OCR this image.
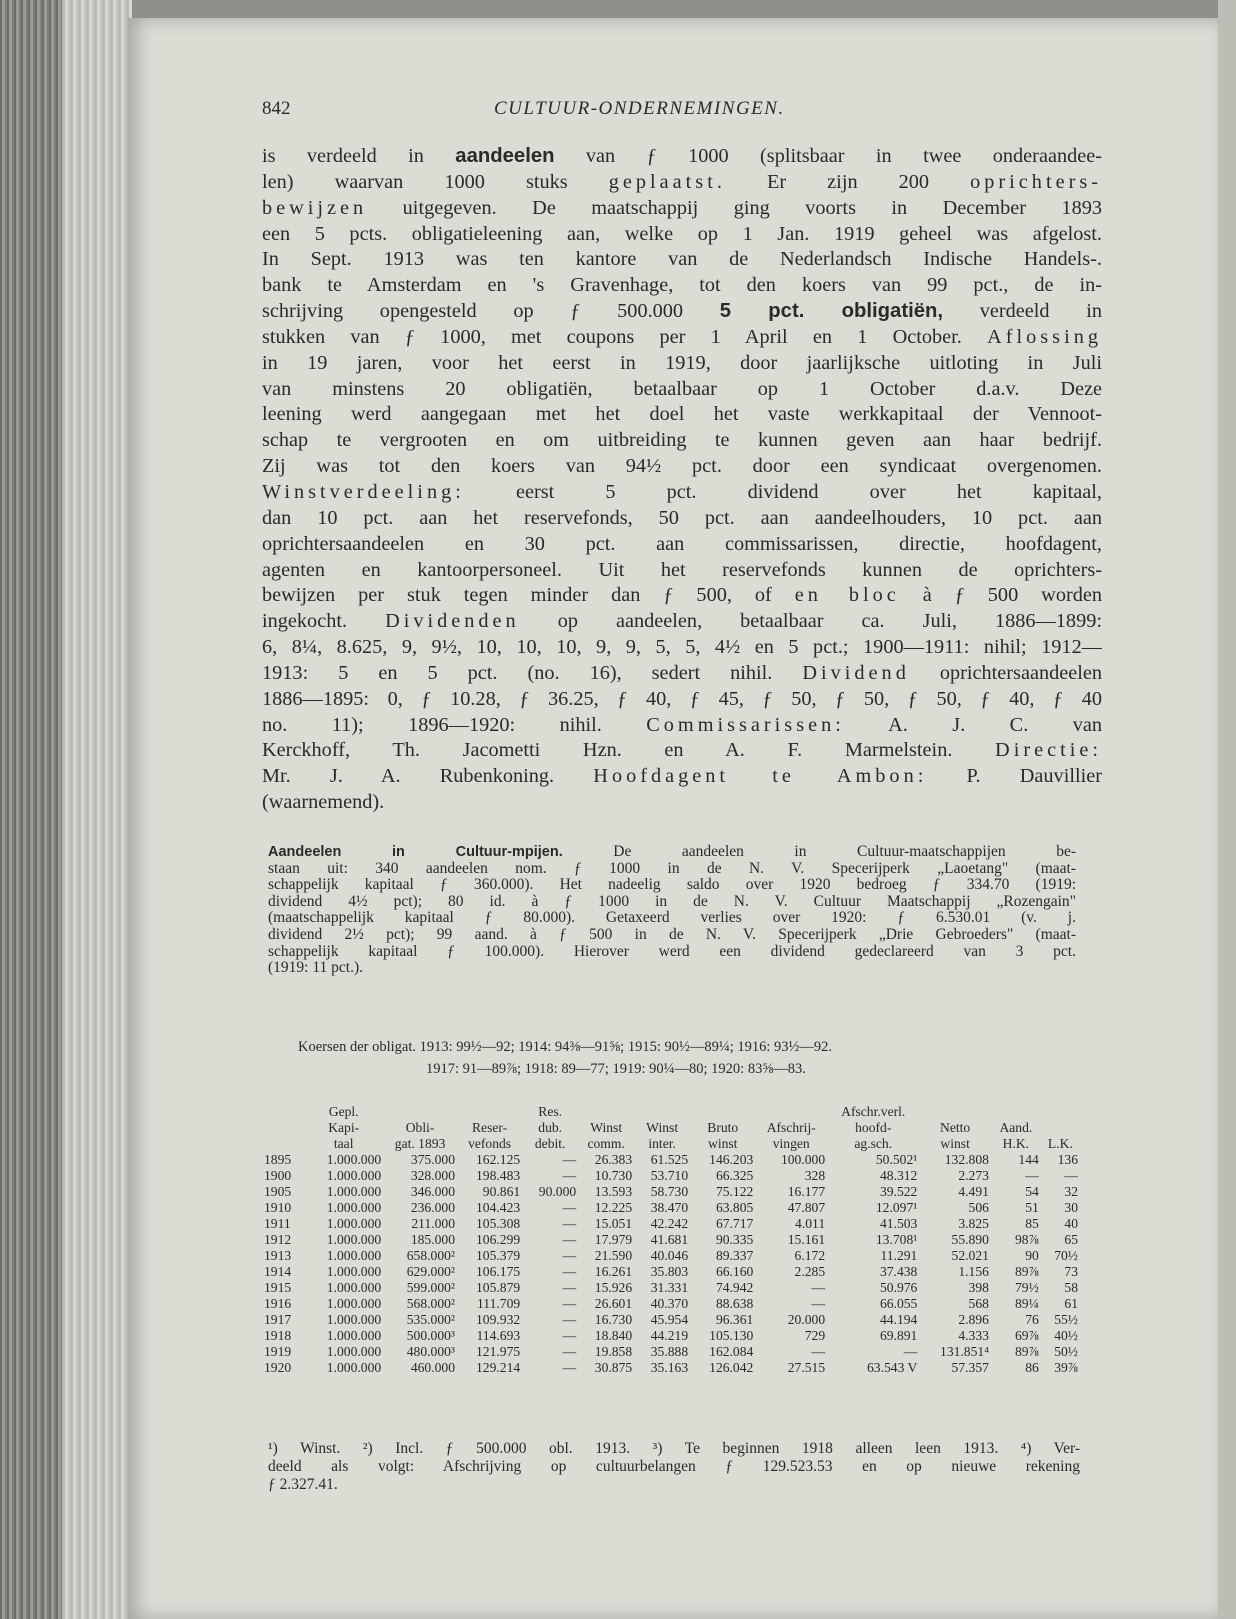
842	CULTUUR-ONDERNEMINGEN.
is verdeeld in aandeelen van ƒ 1000 (splitsbaar in twee onderaandee-
len) waarvan 1000 stuks geplaatst. Er zijn 200 oprichters-
bewijzen uitgegeven. De maatschappij ging voorts in December 1893
een 5 pcts. obligatieleening aan, welke op 1 Jan. 1919 geheel was afgelost.
In Sept. 1913 was ten kantore van de Nederlandsch Indische Handels-.
bank te Amsterdam en 's Gravenhage, tot den koers van 99 pct., de in-
schrijving opengesteld op ƒ 500.000 5 pct. obligatiën, verdeeld in
stukken van ƒ 1000, met coupons per 1 April en 1 October. Aflossing
in 19 jaren, voor het eerst in 1919, door jaarlijksche uitloting in Juli
van minstens 20 obligatiën, betaalbaar op 1 October d.a.v. Deze
leening werd aangegaan met het doel het vaste werkkapitaal der Vennoot-
schap te vergrooten en om uitbreiding te kunnen geven aan haar bedrijf.
Zij was tot den koers van 94½ pct. door een syndicaat overgenomen.
Winstverdeeling: eerst 5 pct. dividend over het kapitaal,
dan 10 pct. aan het reservefonds, 50 pct. aan aandeelhouders, 10 pct. aan
oprichtersaandeelen en 30 pct. aan commissarissen, directie, hoofdagent,
agenten en kantoorpersoneel. Uit het reservefonds kunnen de oprichters-
bewijzen per stuk tegen minder dan ƒ 500, of en bloc à ƒ 500 worden
ingekocht. Dividenden op aandeelen, betaalbaar ca. Juli, 1886—1899:
6, 8¼, 8.625, 9, 9½, 10, 10, 10, 9, 9, 5, 5, 4½ en 5 pct.; 1900—1911: nihil; 1912—
1913: 5 en 5 pct. (no. 16), sedert nihil. Dividend oprichtersaandeelen
1886—1895: 0, ƒ 10.28, ƒ 36.25, ƒ 40, ƒ 45, ƒ 50, ƒ 50, ƒ 50, ƒ 40, ƒ 40
no. 11); 1896—1920: nihil. Commissarissen: A. J. C. van
Kerckhoff, Th. Jacometti Hzn. en A. F. Marmelstein. Directie:
Mr. J. A. Rubenkoning. Hoofdagent te Ambon: P. Dauvillier
(waarnemend).
Aandeelen in Cultuur-mpijen. De aandeelen in Cultuur-maatschappijen be-
staan uit: 340 aandeelen nom. ƒ 1000 in de N. V. Specerijperk „Laoetang" (maat-
schappelijk kapitaal ƒ 360.000). Het nadeelig saldo over 1920 bedroeg ƒ 334.70 (1919:
dividend 4½ pct); 80 id. à ƒ 1000 in de N. V. Cultuur Maatschappij „Rozengain"
(maatschappelijk kapitaal ƒ 80.000). Getaxeerd verlies over 1920: ƒ 6.530.01 (v. j.
dividend 2½ pct); 99 aand. à ƒ 500 in de N. V. Specerijperk „Drie Gebroeders" (maat-
schappelijk kapitaal ƒ 100.000). Hierover werd een dividend gedeclareerd van 3 pct.
(1919: 11 pct.).
Koersen der obligat. 1913: 99½—92; 1914: 94⅜—91⅝; 1915: 90½—89¼; 1916: 93½—92.
1917: 91—89⅞; 1918: 89—77; 1919: 90¼—80; 1920: 83⅝—83.
	Gepl.			Res.					Afschr.verl.			
	Kapi-	Obli-	Reser-	dub.	Winst	Winst	Bruto	Afschrij-	hoofd-	Netto	Aand.	
	taal	gat. 1893	vefonds	debit.	comm.	inter.	winst	vingen	ag.sch.	winst	H.K.	L.K.
1895	1.000.000	375.000	162.125	—	26.383	61.525	146.203	100.000	50.502¹	132.808	144	136
1900	1.000.000	328.000	198.483	—	10.730	53.710	66.325	328	48.312	2.273	—	—
1905	1.000.000	346.000	90.861	90.000	13.593	58.730	75.122	16.177	39.522	4.491	54	32
1910	1.000.000	236.000	104.423	—	12.225	38.470	63.805	47.807	12.097¹	506	51	30
1911	1.000.000	211.000	105.308	—	15.051	42.242	67.717	4.011	41.503	3.825	85	40
1912	1.000.000	185.000	106.299	—	17.979	41.681	90.335	15.161	13.708¹	55.890	98⅞	65
1913	1.000.000	658.000²	105.379	—	21.590	40.046	89.337	6.172	11.291	52.021	90	70½
1914	1.000.000	629.000²	106.175	—	16.261	35.803	66.160	2.285	37.438	1.156	89⅞	73
1915	1.000.000	599.000²	105.879	—	15.926	31.331	74.942	—	50.976	398	79½	58
1916	1.000.000	568.000²	111.709	—	26.601	40.370	88.638	—	66.055	568	89¼	61
1917	1.000.000	535.000²	109.932	—	16.730	45.954	96.361	20.000	44.194	2.896	76	55½
1918	1.000.000	500.000³	114.693	—	18.840	44.219	105.130	729	69.891	4.333	69⅞	40½
1919	1.000.000	480.000³	121.975	—	19.858	35.888	162.084	—	—	131.851⁴	89⅞	50½
1920	1.000.000	460.000	129.214	—	30.875	35.163	126.042	27.515	63.543 V	57.357	86	39⅞
¹) Winst. ²) Incl. ƒ 500.000 obl. 1913. ³) Te beginnen 1918 alleen leen 1913. ⁴) Ver-
deeld als volgt: Afschrijving op cultuurbelangen ƒ 129.523.53 en op nieuwe rekening
ƒ 2.327.41.
